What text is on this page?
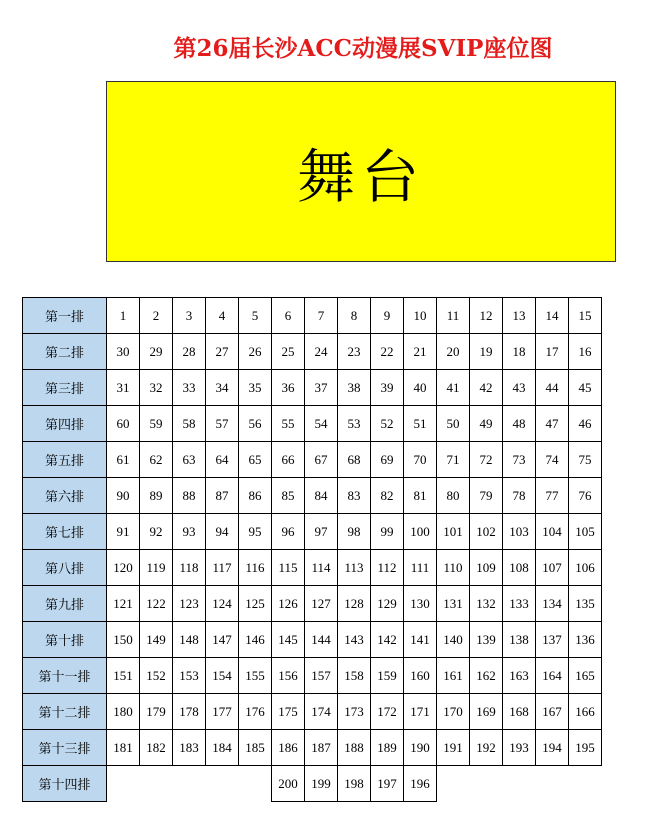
第26届长沙ACC动漫展SVIP座位图
舞台
第一排	1	2	3	4	5	6	7	8	9	10	11	12	13	14	15
第二排	30	29	28	27	26	25	24	23	22	21	20	19	18	17	16
第三排	31	32	33	34	35	36	37	38	39	40	41	42	43	44	45
第四排	60	59	58	57	56	55	54	53	52	51	50	49	48	47	46
第五排	61	62	63	64	65	66	67	68	69	70	71	72	73	74	75
第六排	90	89	88	87	86	85	84	83	82	81	80	79	78	77	76
第七排	91	92	93	94	95	96	97	98	99	100	101	102	103	104	105
第八排	120	119	118	117	116	115	114	113	112	111	110	109	108	107	106
第九排	121	122	123	124	125	126	127	128	129	130	131	132	133	134	135
第十排	150	149	148	147	146	145	144	143	142	141	140	139	138	137	136
第十一排	151	152	153	154	155	156	157	158	159	160	161	162	163	164	165
第十二排	180	179	178	177	176	175	174	173	172	171	170	169	168	167	166
第十三排	181	182	183	184	185	186	187	188	189	190	191	192	193	194	195
第十四排						200	199	198	197	196					
